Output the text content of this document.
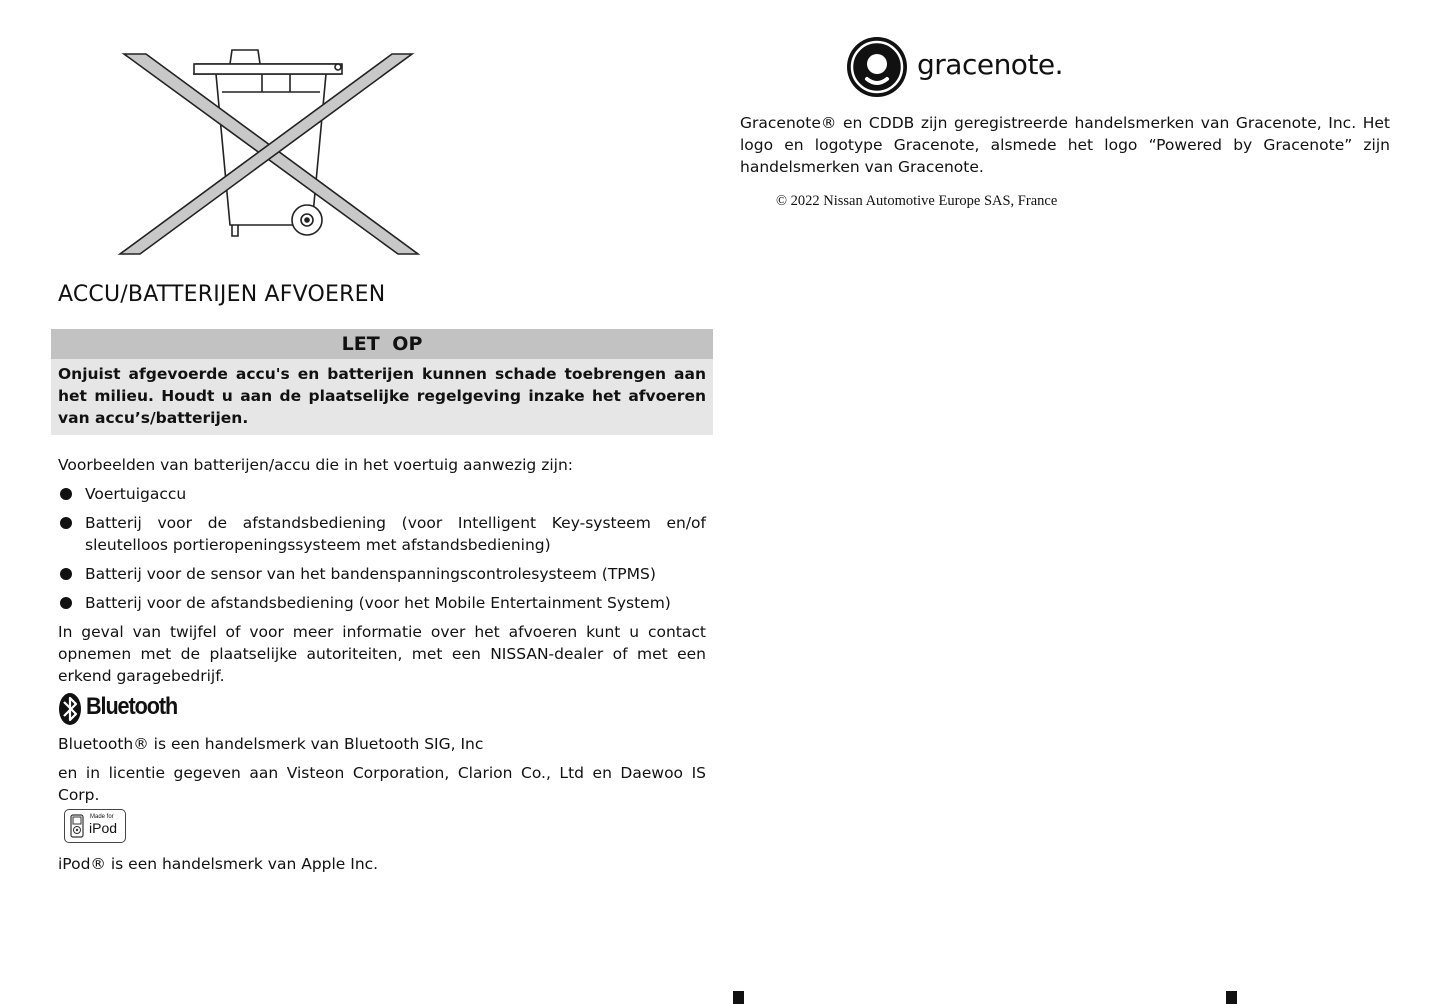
ACCU/BATTERIJEN AFVOEREN
LET OP
Onjuist afgevoerde accu's en batterijen kunnen schade toebrengen aan het milieu. Houdt u aan de plaatselijke regelgeving inzake het afvoeren van accu’s/batterijen.

Voorbeelden van batterijen/accu die in het voertuig aanwezig zijn:

Voertuigaccu
Batterij voor de afstandsbediening (voor Intelligent Key-systeem en/of sleutelloos portieropeningssysteem met afstandsbediening)
Batterij voor de sensor van het bandenspanningscontrolesysteem (TPMS)
Batterij voor de afstandsbediening (voor het Mobile Entertainment System)

In geval van twijfel of voor meer informatie over het afvoeren kunt u contact opnemen met de plaatselijke autoriteiten, met een NISSAN-dealer of met een erkend garagebedrijf.

Bluetooth

Bluetooth® is een handelsmerk van Bluetooth SIG, Inc

en in licentie gegeven aan Visteon Corporation, Clarion Co., Ltd en Daewoo IS Corp.

Made for
iPod

iPod® is een handelsmerk van Apple Inc.

gracenote.

Gracenote® en CDDB zijn geregistreerde handelsmerken van Gracenote, Inc. Het logo en logotype Gracenote, alsmede het logo “Powered by Gracenote” zijn handelsmerken van Gracenote.

© 2022 Nissan Automotive Europe SAS, France
